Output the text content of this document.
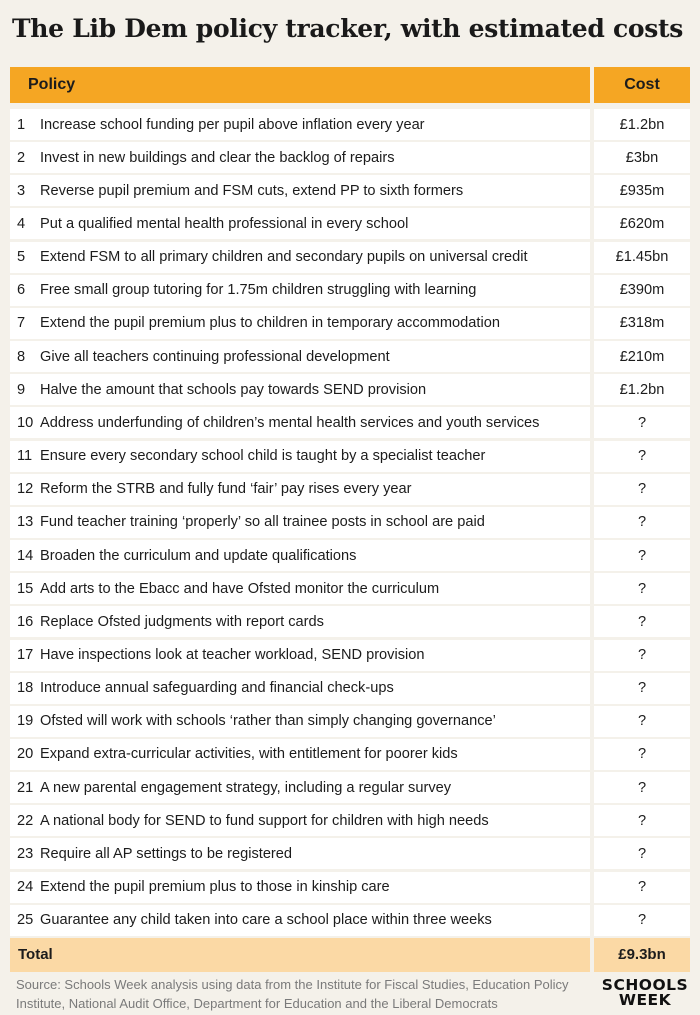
The Lib Dem policy tracker, with estimated costs
Policy	Cost
1	Increase school funding per pupil above inflation every year	£1.2bn
2	Invest in new buildings and clear the backlog of repairs	£3bn
3	Reverse pupil premium and FSM cuts, extend PP to sixth formers	£935m
4	Put a qualified mental health professional in every school	£620m
5	Extend FSM to all primary children and secondary pupils on universal credit	£1.45bn
6	Free small group tutoring for 1.75m children struggling with learning	£390m
7	Extend the pupil premium plus to children in temporary accommodation	£318m
8	Give all teachers continuing professional development	£210m
9	Halve the amount that schools pay towards SEND provision	£1.2bn
10 Address underfunding of children’s mental health services and youth services	?
11 Ensure every secondary school child is taught by a specialist teacher	?
12 Reform the STRB and fully fund ‘fair’ pay rises every year	?
13 Fund teacher training ‘properly’ so all trainee posts in school are paid	?
14 Broaden the curriculum and update qualifications	?
15 Add arts to the Ebacc and have Ofsted monitor the curriculum	?
16 Replace Ofsted judgments with report cards	?
17 Have inspections look at teacher workload, SEND provision	?
18 Introduce annual safeguarding and financial check-ups	?
19 Ofsted will work with schools ‘rather than simply changing governance’	?
20 Expand extra-curricular activities, with entitlement for poorer kids	?
21 A new parental engagement strategy, including a regular survey	?
22 A national body for SEND to fund support for children with high needs	?
23 Require all AP settings to be registered	?
24 Extend the pupil premium plus to those in kinship care	?
25 Guarantee any child taken into care a school place within three weeks	?
Total	£9.3bn
Source: Schools Week analysis using data from the Institute for Fiscal Studies, Education Policy Institute, National Audit Office, Department for Education and the Liberal Democrats
SCHOOLS
WEEK
